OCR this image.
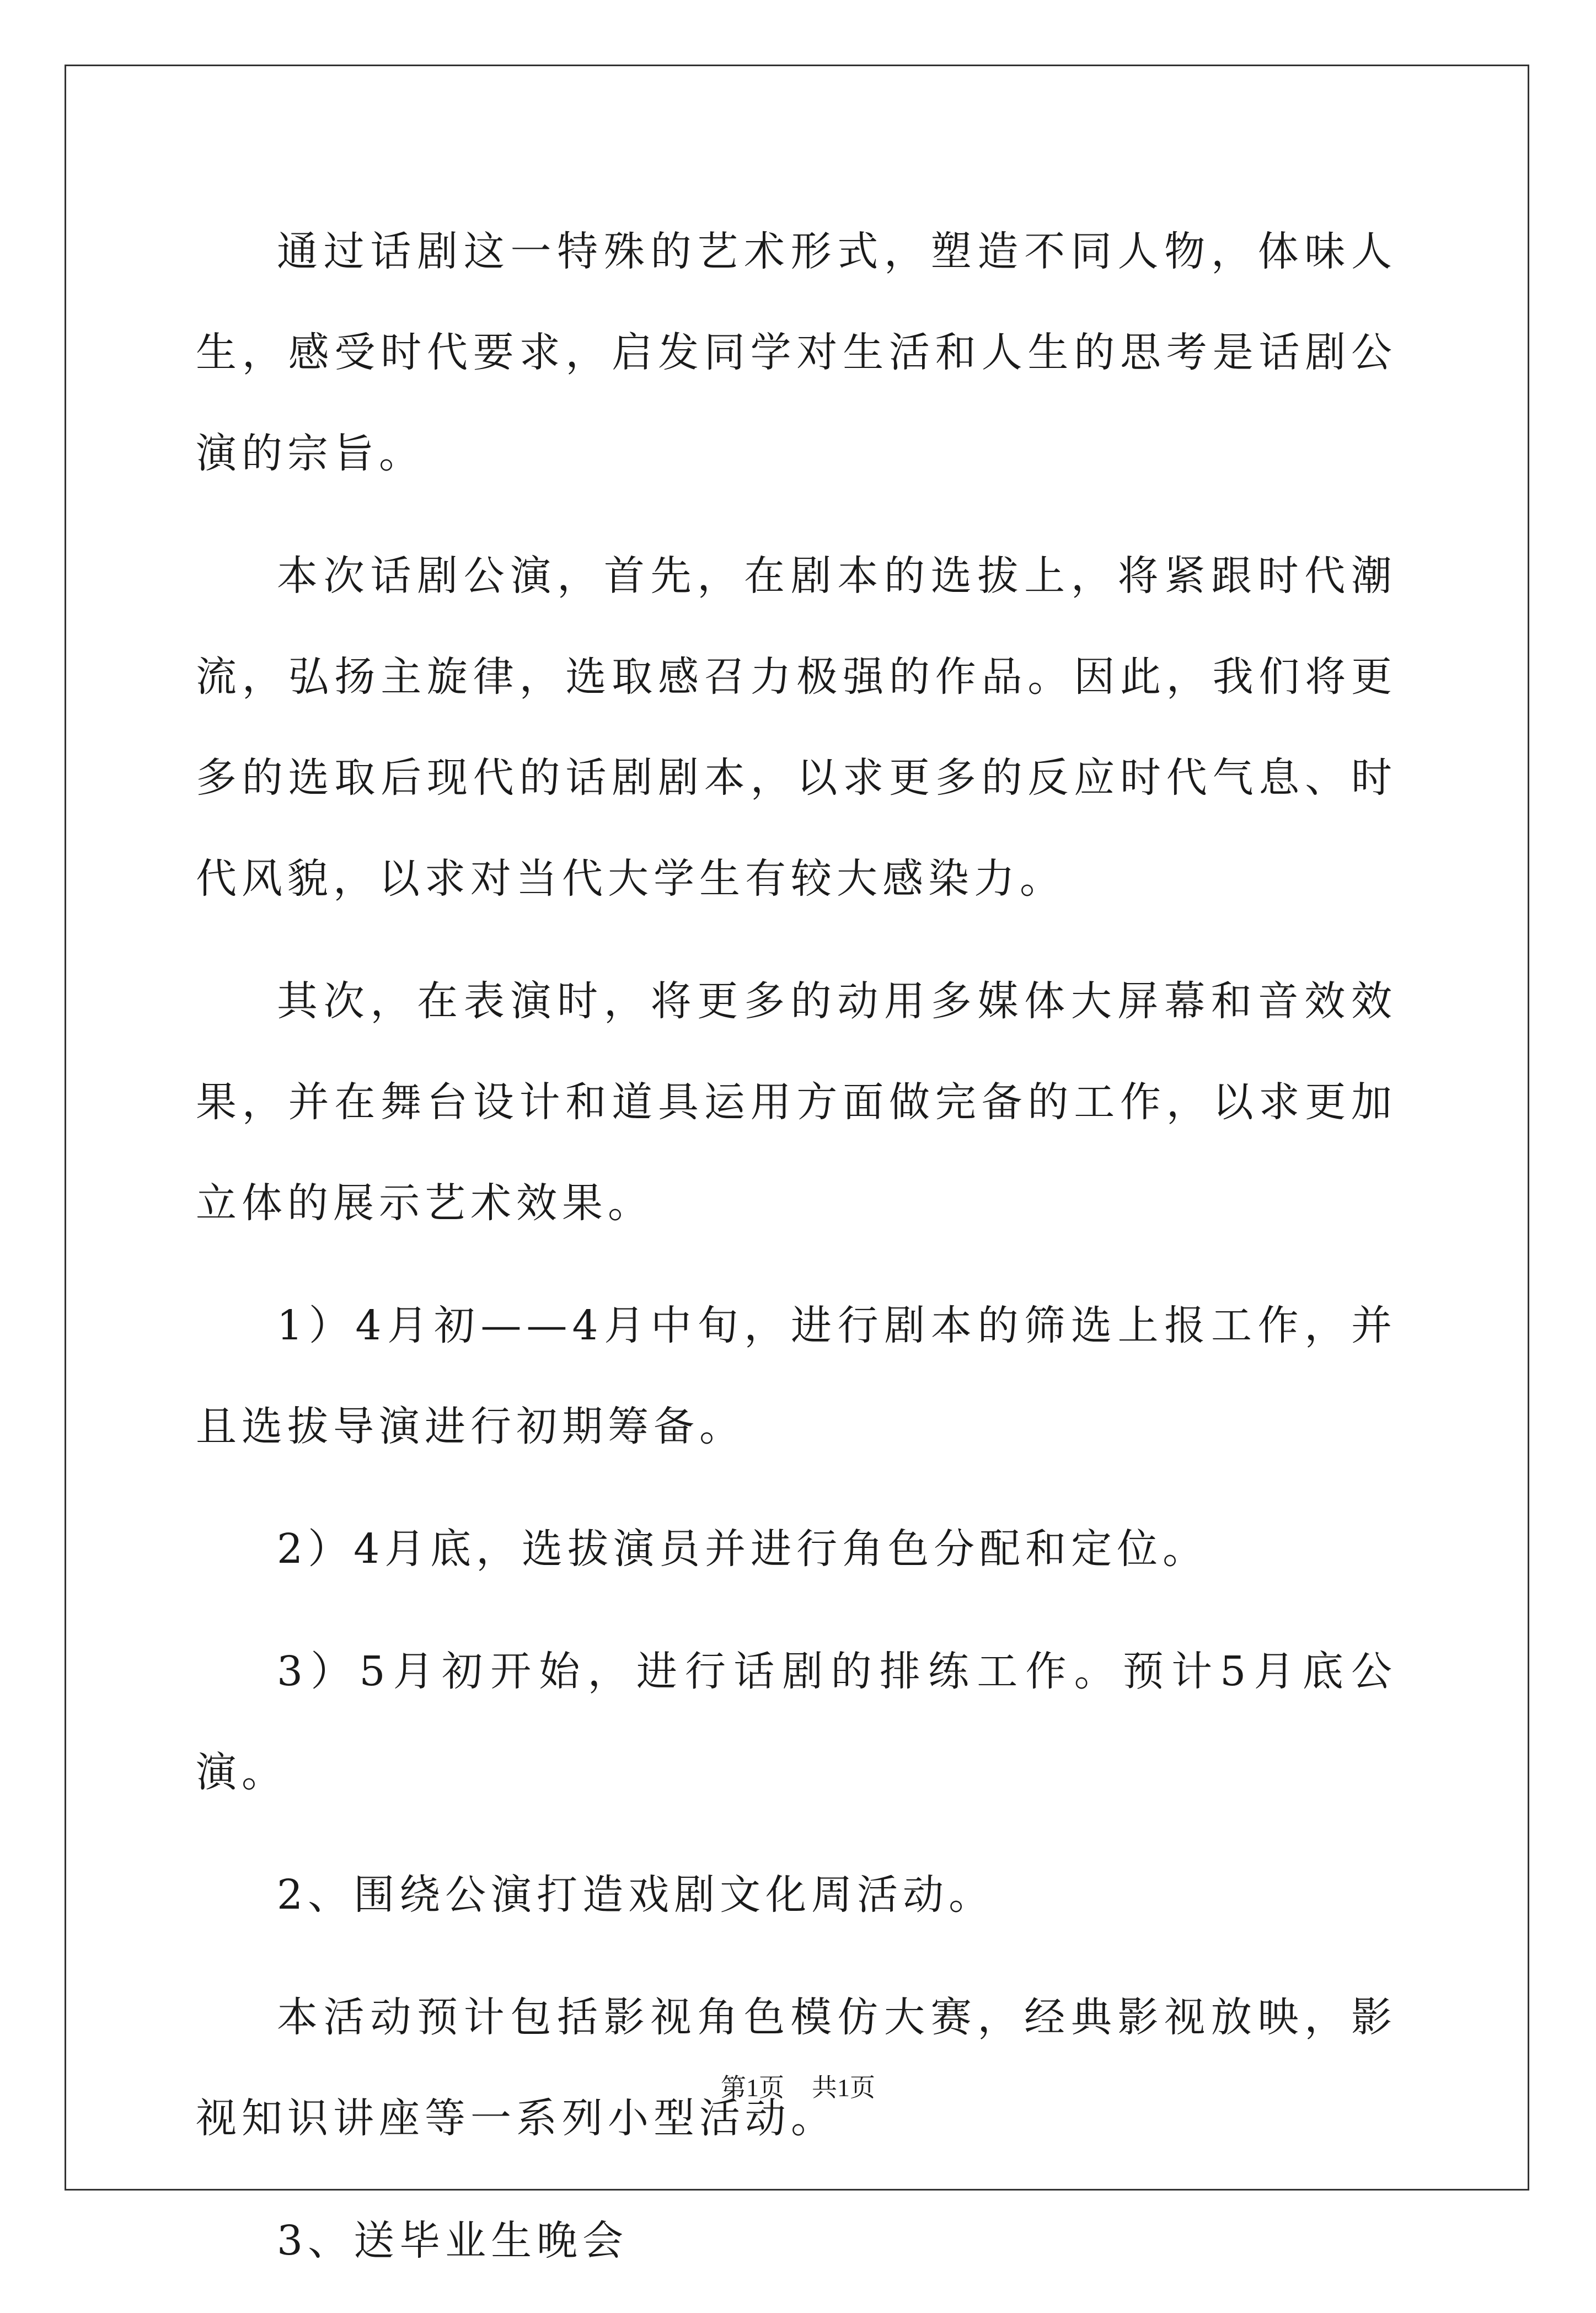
通过话剧这一特殊的艺术形式，塑造不同人物，体味人生，感受时代要求，启发同学对生活和人生的思考是话剧公演的宗旨。

本次话剧公演，首先，在剧本的选拔上，将紧跟时代潮流，弘扬主旋律，选取感召力极强的作品。因此，我们将更多的选取后现代的话剧剧本，以求更多的反应时代气息、时代风貌，以求对当代大学生有较大感染力。

其次，在表演时，将更多的动用多媒体大屏幕和音效效果，并在舞台设计和道具运用方面做完备的工作，以求更加立体的展示艺术效果。

1）4月初——4月中旬，进行剧本的筛选上报工作，并且选拔导演进行初期筹备。

2）4月底，选拔演员并进行角色分配和定位。

3）5月初开始，进行话剧的排练工作。预计5月底公演。

2、围绕公演打造戏剧文化周活动。

本活动预计包括影视角色模仿大赛，经典影视放映，影视知识讲座等一系列小型活动。

3、送毕业生晚会

第1页 共1页
